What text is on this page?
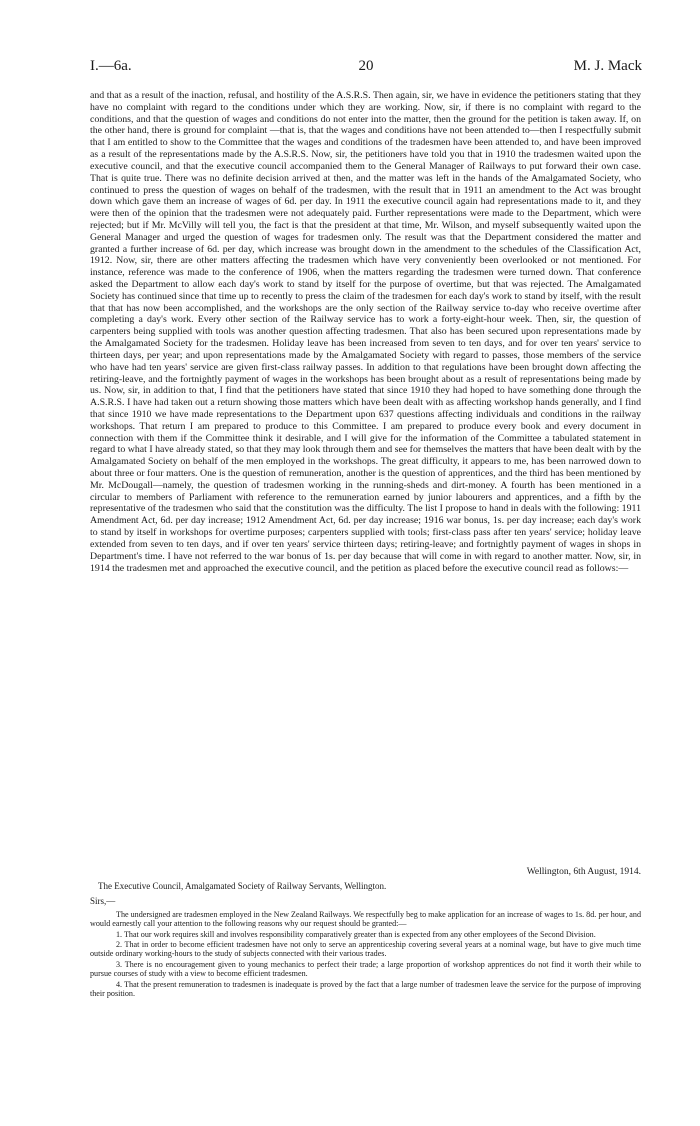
I.—6a.	20	M. J. Mack

and that as a result of the inaction, refusal, and hostility of the A.S.R.S. Then again, sir, we have in evidence the petitioners stating that they have no complaint with regard to the conditions under which they are working. Now, sir, if there is no complaint with regard to the conditions, and that the question of wages and conditions do not enter into the matter, then the ground for the petition is taken away. If, on the other hand, there is ground for complaint —that is, that the wages and conditions have not been attended to—then I respectfully submit that I am entitled to show to the Committee that the wages and conditions of the tradesmen have been attended to, and have been improved as a result of the representations made by the A.S.R.S. Now, sir, the petitioners have told you that in 1910 the tradesmen waited upon the executive council, and that the executive council accompanied them to the General Manager of Railways to put forward their own case. That is quite true. There was no definite decision arrived at then, and the matter was left in the hands of the Amalgamated Society, who continued to press the question of wages on behalf of the tradesmen, with the result that in 1911 an amendment to the Act was brought down which gave them an increase of wages of 6d. per day. In 1911 the executive council again had representations made to it, and they were then of the opinion that the tradesmen were not adequately paid. Further representations were made to the Department, which were rejected; but if Mr. McVilly will tell you, the fact is that the president at that time, Mr. Wilson, and myself subsequently waited upon the General Manager and urged the question of wages for tradesmen only. The result was that the Department considered the matter and granted a further increase of 6d. per day, which increase was brought down in the amendment to the schedules of the Classification Act, 1912. Now, sir, there are other matters affecting the tradesmen which have very conveniently been overlooked or not mentioned. For instance, reference was made to the conference of 1906, when the matters regarding the tradesmen were turned down. That conference asked the Department to allow each day's work to stand by itself for the purpose of overtime, but that was rejected. The Amalgamated Society has continued since that time up to recently to press the claim of the tradesmen for each day's work to stand by itself, with the result that that has now been accomplished, and the workshops are the only section of the Railway service to-day who receive overtime after completing a day's work. Every other section of the Railway service has to work a forty-eight-hour week. Then, sir, the question of carpenters being supplied with tools was another question affecting tradesmen. That also has been secured upon representations made by the Amalgamated Society for the tradesmen. Holiday leave has been increased from seven to ten days, and for over ten years' service to thirteen days, per year; and upon representations made by the Amalgamated Society with regard to passes, those members of the service who have had ten years' service are given first-class railway passes. In addition to that regulations have been brought down affecting the retiring-leave, and the fortnightly payment of wages in the workshops has been brought about as a result of representations being made by us. Now, sir, in addition to that, I find that the petitioners have stated that since 1910 they had hoped to have something done through the A.S.R.S. I have had taken out a return showing those matters which have been dealt with as affecting workshop hands generally, and I find that since 1910 we have made representations to the Department upon 637 questions affecting individuals and conditions in the railway workshops. That return I am prepared to produce to this Committee. I am prepared to produce every book and every document in connection with them if the Committee think it desirable, and I will give for the information of the Committee a tabulated statement in regard to what I have already stated, so that they may look through them and see for themselves the matters that have been dealt with by the Amalgamated Society on behalf of the men employed in the workshops. The great difficulty, it appears to me, has been narrowed down to about three or four matters. One is the question of remuneration, another is the question of apprentices, and the third has been mentioned by Mr. McDougall—namely, the question of tradesmen working in the running-sheds and dirt-money. A fourth has been mentioned in a circular to members of Parliament with reference to the remuneration earned by junior labourers and apprentices, and a fifth by the representative of the tradesmen who said that the constitution was the difficulty. The list I propose to hand in deals with the following: 1911 Amendment Act, 6d. per day increase; 1912 Amendment Act, 6d. per day increase; 1916 war bonus, 1s. per day increase; each day's work to stand by itself in workshops for overtime purposes; carpenters supplied with tools; first-class pass after ten years' service; holiday leave extended from seven to ten days, and if over ten years' service thirteen days; retiring-leave; and fortnightly payment of wages in shops in Department's time. I have not referred to the war bonus of 1s. per day because that will come in with regard to another matter. Now, sir, in 1914 the tradesmen met and approached the executive council, and the petition as placed before the executive council read as follows:—

Wellington, 6th August, 1914.
The Executive Council, Amalgamated Society of Railway Servants, Wellington.
Sirs,—

The undersigned are tradesmen employed in the New Zealand Railways. We respectfully beg to make application for an increase of wages to 1s. 8d. per hour, and would earnestly call your attention to the following reasons why our request should be granted:—

1. That our work requires skill and involves responsibility comparatively greater than is expected from any other employees of the Second Division.

2. That in order to become efficient tradesmen have not only to serve an apprenticeship covering several years at a nominal wage, but have to give much time outside ordinary working-hours to the study of subjects connected with their various trades.

3. There is no encouragement given to young mechanics to perfect their trade; a large proportion of workshop apprentices do not find it worth their while to pursue courses of study with a view to become efficient tradesmen.

4. That the present remuneration to tradesmen is inadequate is proved by the fact that a large number of tradesmen leave the service for the purpose of improving their position.
